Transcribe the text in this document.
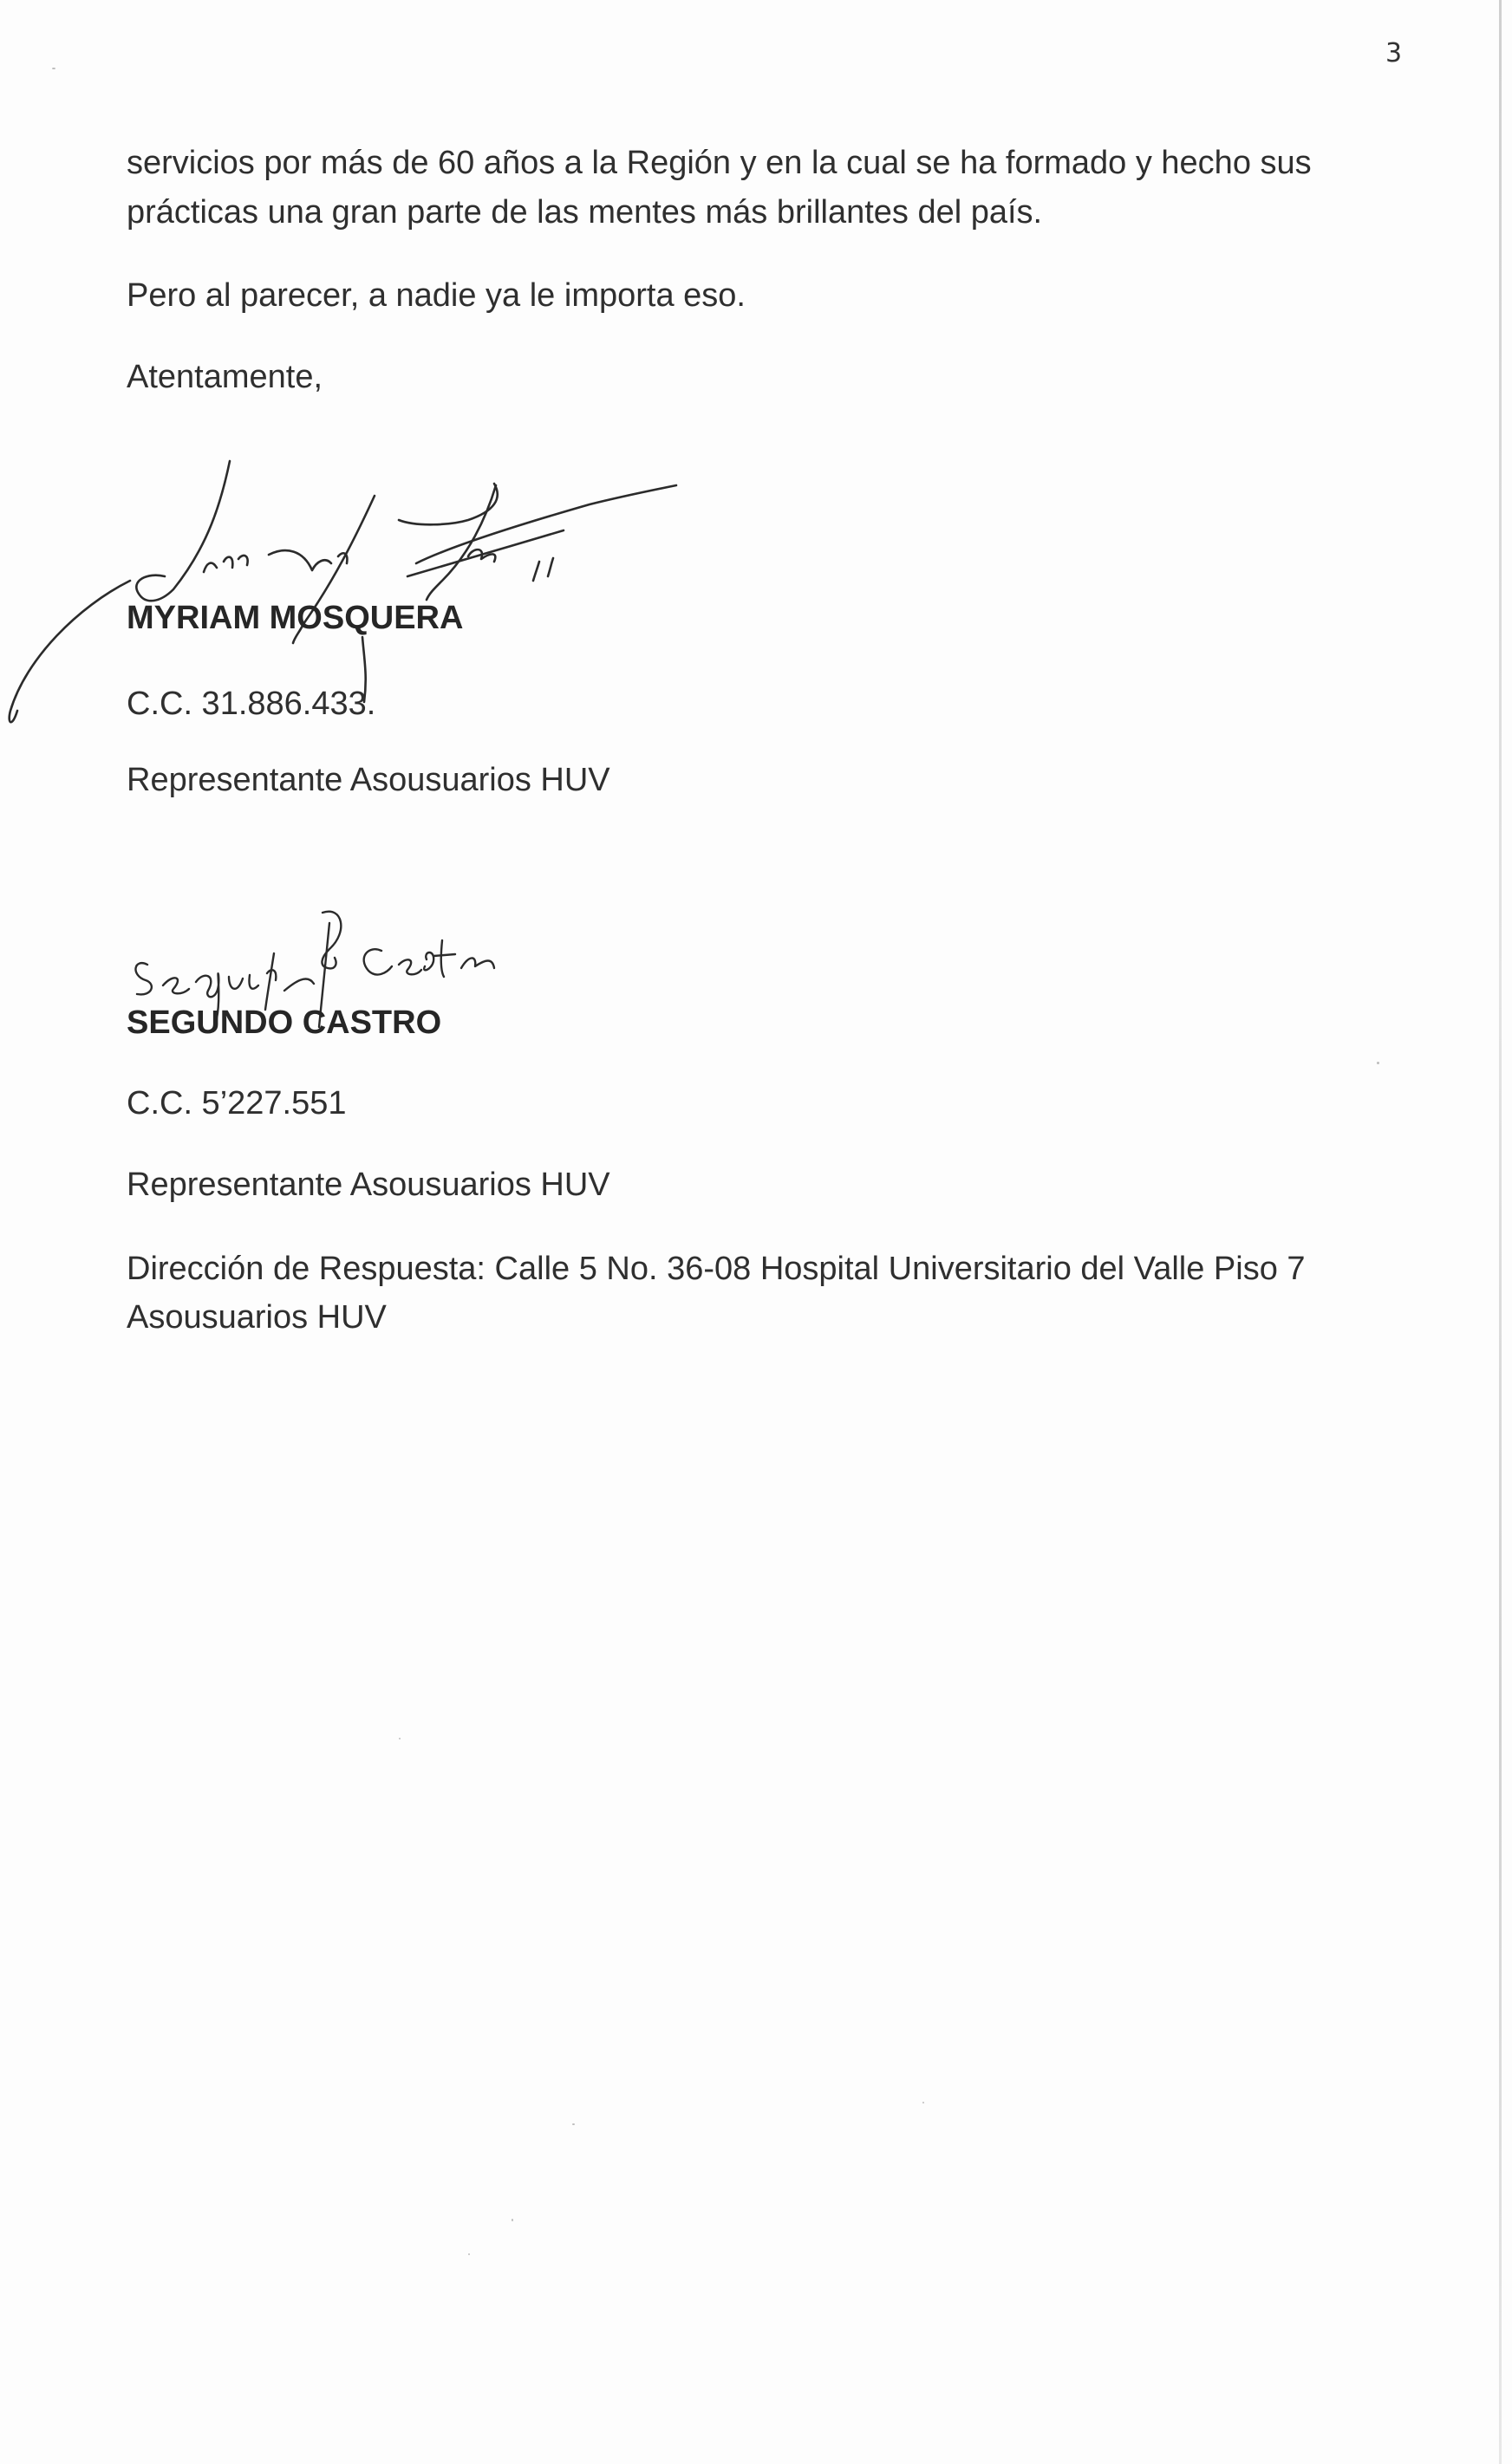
3
servicios por más de 60 años a la Región y en la cual se ha formado y hecho sus
prácticas una gran parte de las mentes más brillantes del país.
Pero al parecer, a nadie ya le importa eso.
Atentamente,
MYRIAM MOSQUERA
C.C. 31.886.433.
Representante Asousuarios HUV
SEGUNDO CASTRO
C.C. 5’227.551
Representante Asousuarios HUV
Dirección de Respuesta: Calle 5 No. 36-08 Hospital Universitario del Valle Piso 7
Asousuarios HUV
